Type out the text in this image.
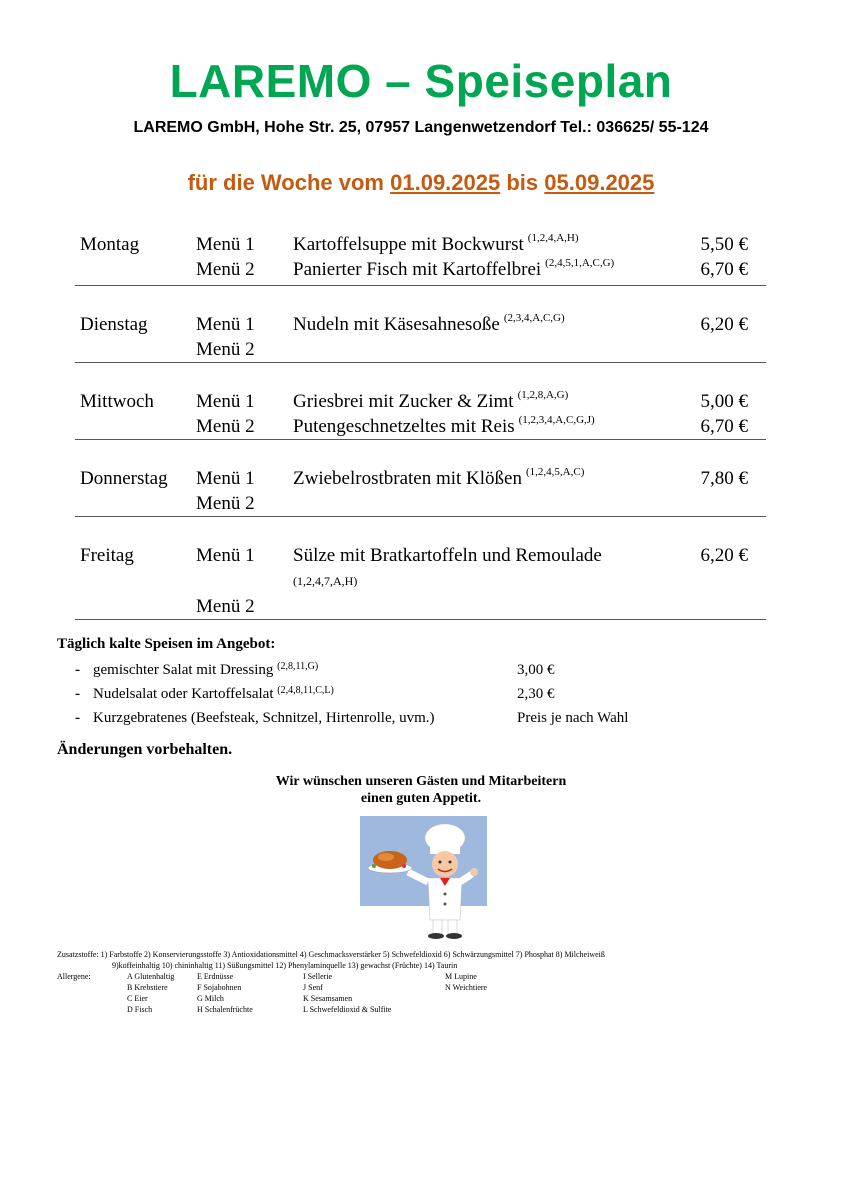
LAREMO – Speiseplan
LAREMO GmbH, Hohe Str. 25, 07957 Langenwetzendorf Tel.: 036625/ 55-124
für die Woche vom 01.09.2025 bis 05.09.2025
Montag	Menü 1 Kartoffelsuppe mit Bockwurst $^{(1,2,4,A,H)}$	5,50 €
Menü 2 Panierter Fisch mit Kartoffelbrei $^{(2,4,5,1,A,C,G)}$	6,70 €
Dienstag	Menü 1 Nudeln mit Käsesahnesoße $^{(2,3,4,A,C,G)}$	6,20 €
Menü 2
Mittwoch Menü 1 Griesbrei mit Zucker & Zimt $^{(1,2,8,A,G)}$	5,00 €
Menü 2 Putengeschnetzeltes mit Reis $^{(1,2,3,4,A,C,G,J)}$	6,70 €
Donnerstag Menü 1 Zwiebelrostbraten mit Klößen $^{(1,2,4,5,A,C)}$	7,80 €
Menü 2
Freitag	Menü 1 Sülze mit Bratkartoffeln und Remoulade	6,20 €
(1,2,4,7,A,H)
Menü 2
Täglich kalte Speisen im Angebot:
- gemischter Salat mit Dressing $^{(2,8,11,G)}$	3,00 €
- Nudelsalat oder Kartoffelsalat $^{(2,4,8,11,C,L)}$	2,30 €
- Kurzgebratenes (Beefsteak, Schnitzel, Hirtenrolle, uvm.)	Preis je nach Wahl
Änderungen vorbehalten.
Wir wünschen unseren Gästen und Mitarbeitern
einen guten Appetit.
Zusatzstoffe: 1) Farbstoffe 2) Konservierungsstoffe 3) Antioxidationsmittel 4) Geschmacksverstärker 5) Schwefeldioxid 6) Schwärzungsmittel 7) Phosphat 8) Milcheiweiß
9)koffeinhaltig 10) chininhaltig 11) Süßungsmittel 12) Phenylaminquelle 13) gewachst (Früchte) 14) Taurin
Allergene:	A Glutenhaltig	E Erdnüsse	I Sellerie	M Lupine
B Krebstiere	F Sojabohnen	J Senf	N Weichtiere
C Eier	G Milch	K Sesamsamen
D Fisch	H Schalenfrüchte	L Schwefeldioxid & Sulfite
